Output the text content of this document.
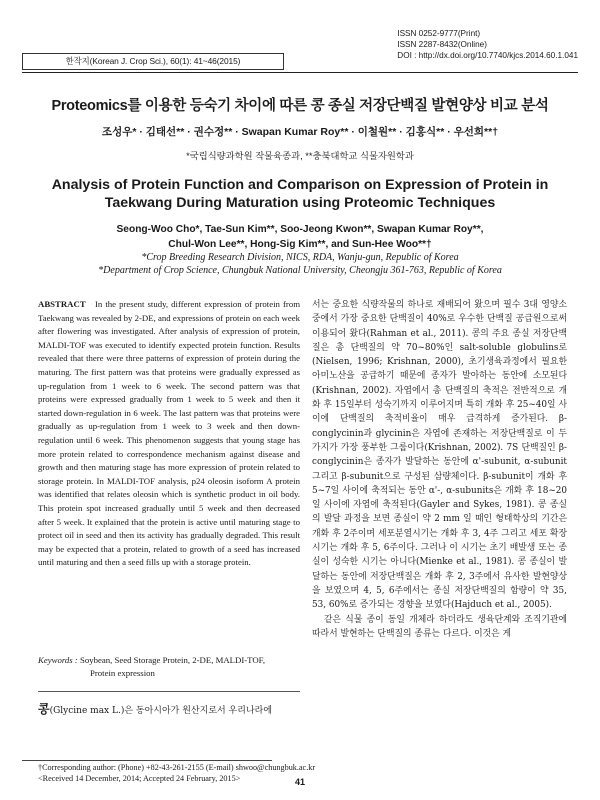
한작지(Korean J. Crop Sci.), 60(1): 41~46(2015)
ISSN 0252-9777(Print)
ISSN 2287-8432(Online)
DOI : http://dx.doi.org/10.7740/kjcs.2014.60.1.041
Proteomics를 이용한 등숙기 차이에 따른 콩 종실 저장단백질 발현양상 비교 분석
조성우* · 김태선** · 권수정** · Swapan Kumar Roy** · 이철원** · 김홍식** · 우선희**†
*국립식량과학원 작물육종과, **충북대학교 식물자원학과
Analysis of Protein Function and Comparison on Expression of Protein in
Taekwang During Maturation using Proteomic Techniques
Seong-Woo Cho*, Tae-Sun Kim**, Soo-Jeong Kwon**, Swapan Kumar Roy**,
Chul-Won Lee**, Hong-Sig Kim**, and Sun-Hee Woo**†
*Crop Breeding Research Division, NICS, RDA, Wanju-gun, Republic of Korea
*Department of Crop Science, Chungbuk National University, Cheongju 361-763, Republic of Korea
ABSTRACT In the present study, different expression of protein from Taekwang was revealed by 2-DE, and expressions of protein on each week after flowering was investigated. After analysis of expression of protein, MALDI-TOF was executed to identify expected protein function. Results revealed that there were three patterns of expression of protein during the maturing. The first pattern was that proteins were gradually expressed as up-regulation from 1 week to 6 week. The second pattern was that proteins were expressed gradually from 1 week to 5 week and then it started down-regulation in 6 week. The last pattern was that proteins were gradually as up-regulation from 1 week to 3 week and then down-regulation until 6 week. This phenomenon suggests that young stage has more protein related to correspondence mechanism against disease and growth and then maturing stage has more expression of protein related to storage protein. In MALDI-TOF analysis, p24 oleosin isoform A protein was identified that relates oleosin which is synthetic product in oil body. This protein spot increased gradually until 5 week and then decreased after 5 week. It explained that the protein is active until maturing stage to protect oil in seed and then its activity has gradually degraded. This result may be expected that a protein, related to growth of a seed has increased until maturing and then a seed fills up with a storage protein.
Keywords : Soybean, Seed Storage Protein, 2-DE, MALDI-TOF,
Protein expression
콩(Glycine max L.)은 동아시아가 원산지로서 우리나라에

서는 중요한 식량작물의 하나로 재배되어 왔으며 필수 3대 영양소 중에서 가장 중요한 단백질이 40%로 우수한 단백질 공급원으로써 이용되어 왔다(Rahman et al., 2011). 콩의 주요 종실 저장단백질은 총 단백질의 약 70~80%인 salt-soluble globulins로(Nielsen, 1996; Krishnan, 2000), 초기생육과정에서 필요한 아미노산을 공급하기 때문에 종자가 발아하는 동안에 소모된다(Krishnan, 2002). 자엽에서 총 단백질의 축적은 전반적으로 개화 후 15일부터 성숙기까지 이루어지며 특히 개화 후 25~40일 사이에 단백질의 축적비율이 매우 급격하게 증가된다. β-conglycinin과 glycinin은 자엽에 존재하는 저장단백질로 이 두 가지가 가장 풍부한 그룹이다(Krishnan, 2002). 7S 단백질인 β-conglycinin은 종자가 발달하는 동안에 α'-subunit, α-subunit 그리고 β-subunit으로 구성된 삼량체이다. β-subunit이 개화 후 5~7일 사이에 축적되는 동안 α'-, α-subunits은 개화 후 18~20일 사이에 자엽에 축적된다(Gayler and Sykes, 1981). 콩 종실의 발달 과정을 보면 종실이 약 2 mm 일 때인 형태학상의 기간은 개화 후 2주이며 세포분열시기는 개화 후 3, 4주 그리고 세포 확장 시기는 개화 후 5, 6주이다. 그러나 이 시기는 초기 배발생 또는 종실이 성숙한 시기는 아니다(Mienke et al., 1981). 콩 종실이 발달하는 동안에 저장단백질은 개화 후 2, 3주에서 유사한 발현양상을 보였으며 4, 5, 6주에서는 종실 저장단백질의 함량이 약 35, 53, 60%로 증가되는 경향을 보였다(Hajduch et al., 2005).

같은 식물 종이 동일 개체라 하더라도 생육단계와 조직기관에 따라서 발현하는 단백질의 종류는 다르다. 이것은 게

†Corresponding author: (Phone) +82-43-261-2155 (E-mail) shwoo@chungbuk.ac.kr
<Received 14 December, 2014; Accepted 24 February, 2015>	41
